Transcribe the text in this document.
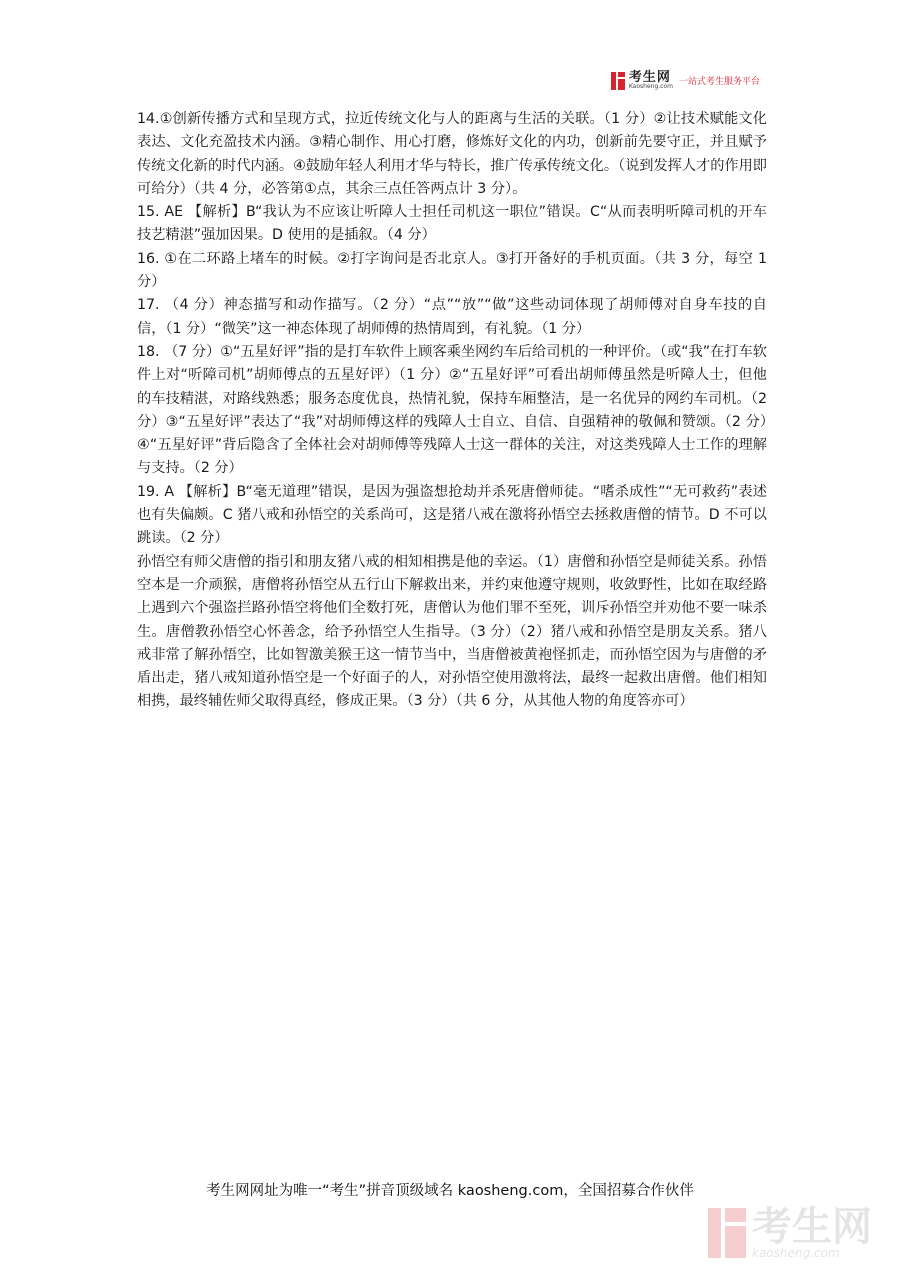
考生网
Kaosheng.com 一站式考生服务平台

14.①创新传播方式和呈现方式，拉近传统文化与人的距离与生活的关联。（1 分）②让技术赋能文化表达、文化充盈技术内涵。③精心制作、用心打磨，修炼好文化的内功，创新前先要守正，并且赋予传统文化新的时代内涵。④鼓励年轻人利用才华与特长，推广传承传统文化。（说到发挥人才的作用即可给分）（共 4 分，必答第①点，其余三点任答两点计 3 分）。

15. AE 【解析】B“我认为不应该让听障人士担任司机这一职位”错误。C“从而表明听障司机的开车技艺精湛”强加因果。D 使用的是插叙。（4 分）

16. ①在二环路上堵车的时候。②打字询问是否北京人。③打开备好的手机页面。（共 3 分，每空 1 分）

17. （4 分）神态描写和动作描写。（2 分）“点”“放”“做”这些动词体现了胡师傅对自身车技的自信，（1 分）“微笑”这一神态体现了胡师傅的热情周到，有礼貌。（1 分）

18. （7 分）①“五星好评”指的是打车软件上顾客乘坐网约车后给司机的一种评价。（或“我”在打车软件上对“听障司机”胡师傅点的五星好评）（1 分）②“五星好评”可看出胡师傅虽然是听障人士，但他的车技精湛，对路线熟悉；服务态度优良，热情礼貌，保持车厢整洁，是一名优异的网约车司机。（2 分）③“五星好评”表达了“我”对胡师傅这样的残障人士自立、自信、自强精神的敬佩和赞颂。（2 分）④“五星好评”背后隐含了全体社会对胡师傅等残障人士这一群体的关注，对这类残障人士工作的理解与支持。（2 分）

19. A 【解析】B“毫无道理”错误，是因为强盗想抢劫并杀死唐僧师徒。“嗜杀成性”“无可救药”表述也有失偏颇。C 猪八戒和孙悟空的关系尚可，这是猪八戒在激将孙悟空去拯救唐僧的情节。D 不可以跳读。（2 分）

孙悟空有师父唐僧的指引和朋友猪八戒的相知相携是他的幸运。（1）唐僧和孙悟空是师徒关系。孙悟空本是一介顽猴，唐僧将孙悟空从五行山下解救出来，并约束他遵守规则，收敛野性，比如在取经路上遇到六个强盗拦路孙悟空将他们全数打死，唐僧认为他们罪不至死，训斥孙悟空并劝他不要一味杀生。唐僧教孙悟空心怀善念，给予孙悟空人生指导。（3 分）（2）猪八戒和孙悟空是朋友关系。猪八戒非常了解孙悟空，比如智激美猴王这一情节当中，当唐僧被黄袍怪抓走，而孙悟空因为与唐僧的矛盾出走，猪八戒知道孙悟空是一个好面子的人，对孙悟空使用激将法，最终一起救出唐僧。他们相知相携，最终辅佐师父取得真经，修成正果。（3 分）（共 6 分，从其他人物的角度答亦可）

考生网网址为唯一“考生”拼音顶级域名 kaosheng.com，全国招募合作伙伴
考生网
kaosheng.com
